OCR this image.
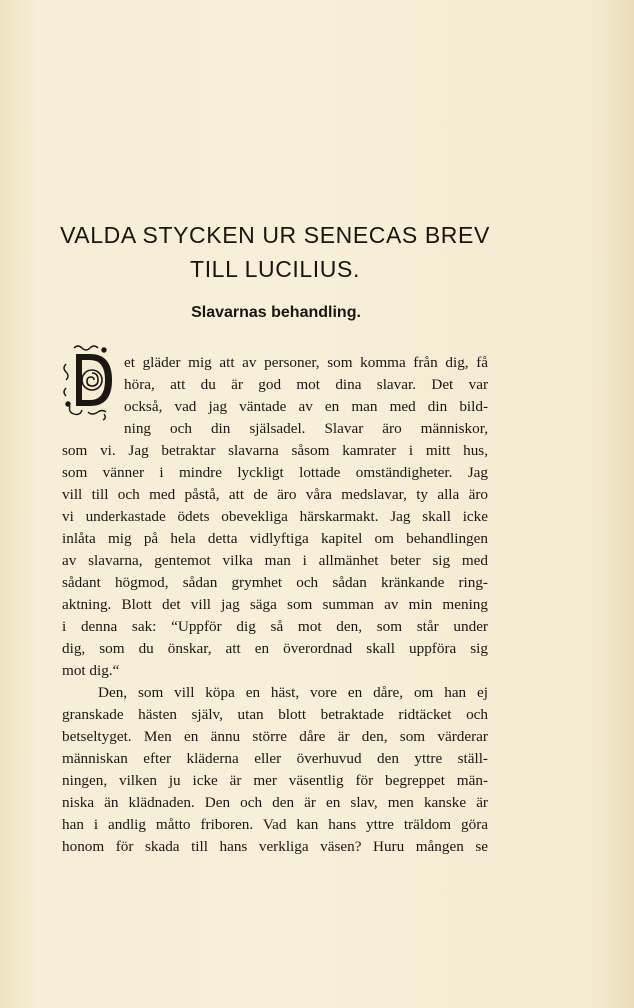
VALDA STYCKEN UR SENECAS BREV
TILL LUCILIUS.
Slavarnas behandling.
D
et gläder mig att av personer, som komma från dig, få
höra, att du är god mot dina slavar. Det var
också, vad jag väntade av en man med din bild-
ning och din själsadel. Slavar äro människor,
som vi. Jag betraktar slavarna såsom kamrater i mitt hus,
som vänner i mindre lyckligt lottade omständigheter. Jag
vill till och med påstå, att de äro våra medslavar, ty alla äro
vi underkastade ödets obevekliga härskarmakt. Jag skall icke
inlåta mig på hela detta vidlyftiga kapitel om behandlingen
av slavarna, gentemot vilka man i allmänhet beter sig med
sådant högmod, sådan grymhet och sådan kränkande ring-
aktning. Blott det vill jag säga som summan av min mening
i denna sak: “Uppför dig så mot den, som står under
dig, som du önskar, att en överordnad skall uppföra sig
mot dig.“
Den, som vill köpa en häst, vore en dåre, om han ej
granskade hästen själv, utan blott betraktade ridtäcket och
betseltyget. Men en ännu större dåre är den, som värderar
människan efter kläderna eller överhuvud den yttre ställ-
ningen, vilken ju icke är mer väsentlig för begreppet män-
niska än klädnaden. Den och den är en slav, men kanske är
han i andlig måtto friboren. Vad kan hans yttre träldom göra
honom för skada till hans verkliga väsen? Huru mången se
